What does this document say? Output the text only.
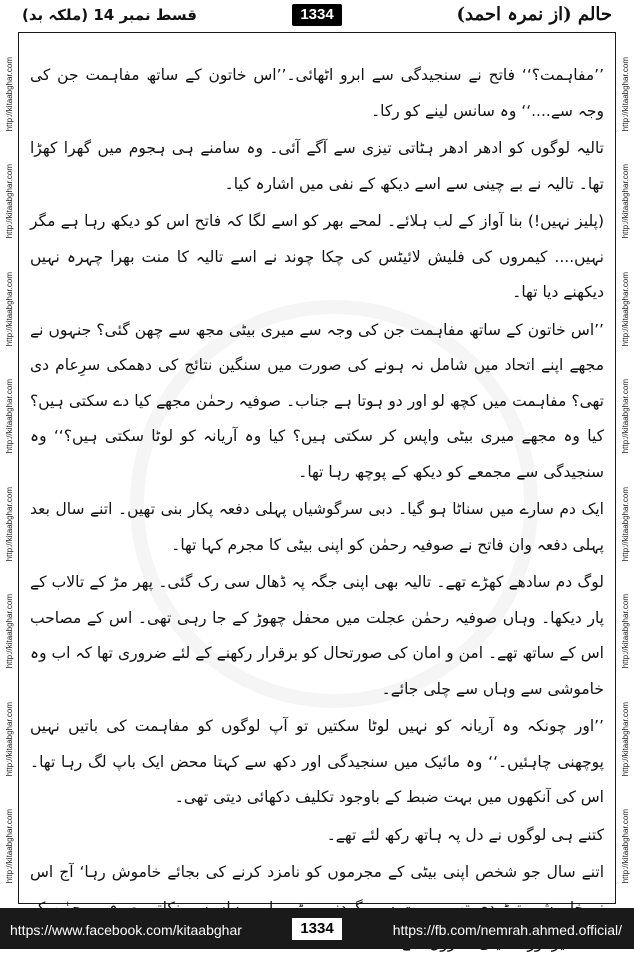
حالم (از نمرہ احمد)
1334
قسط نمبر 14 (ملکہ بد)
http://kitaabghar.com
http://kitaabghar.com
http://kitaabghar.com
http://kitaabghar.com
http://kitaabghar.com
http://kitaabghar.com
http://kitaabghar.com
http://kitaabghar.com
http://kitaabghar.com
http://kitaabghar.com
http://kitaabghar.com
http://kitaabghar.com
http://kitaabghar.com
http://kitaabghar.com
http://kitaabghar.com
http://kitaabghar.com

’’مفاہمت؟‘‘ فاتح نے سنجیدگی سے ابرو اٹھائی۔’’اس خاتون کے ساتھ مفاہمت جن کی وجہ سے....‘‘ وہ سانس لینے کو رکا۔

تالیہ لوگوں کو ادھر ادھر ہٹاتی تیزی سے آگے آئی۔ وہ سامنے ہی ہجوم میں گھرا کھڑا تھا۔ تالیہ نے بے چینی سے اسے دیکھ کے نفی میں اشارہ کیا۔

(پلیز نہیں!) بنا آواز کے لب ہلائے۔ لمحے بھر کو اسے لگا کہ فاتح اس کو دیکھ رہا ہے مگر نہیں.... کیمروں کی فلیش لائیٹس کی چکا چوند نے اسے تالیہ کا منت بھرا چہرہ نہیں دیکھنے دیا تھا۔

’’اس خاتون کے ساتھ مفاہمت جن کی وجہ سے میری بیٹی مجھ سے چھن گئی؟ جنہوں نے مجھے اپنے اتحاد میں شامل نہ ہونے کی صورت میں سنگین نتائج کی دھمکی سرِعام دی تھی؟ مفاہمت میں کچھ لو اور دو ہوتا ہے جناب۔ صوفیہ رحمٰن مجھے کیا دے سکتی ہیں؟ کیا وہ مجھے میری بیٹی واپس کر سکتی ہیں؟ کیا وہ آریانہ کو لوٹا سکتی ہیں؟‘‘ وہ سنجیدگی سے مجمعے کو دیکھ کے پوچھ رہا تھا۔

ایک دم سارے میں سناٹا ہو گیا۔ دبی سرگوشیاں پہلی دفعہ پکار بنی تھیں۔ اتنے سال بعد پہلی دفعہ وان فاتح نے صوفیہ رحمٰن کو اپنی بیٹی کا مجرم کہا تھا۔

لوگ دم سادھے کھڑے تھے۔ تالیہ بھی اپنی جگہ پہ ڈھال سی رک گئی۔ پھر مڑ کے تالاب کے پار دیکھا۔ وہاں صوفیہ رحمٰن عجلت میں محفل چھوڑ کے جا رہی تھی۔ اس کے مصاحب اس کے ساتھ تھے۔ امن و امان کی صورتحال کو برقرار رکھنے کے لئے ضروری تھا کہ اب وہ خاموشی سے وہاں سے چلی جائے۔

’’اور چونکہ وہ آریانہ کو نہیں لوٹا سکتیں تو آپ لوگوں کو مفاہمت کی باتیں نہیں پوچھنی چاہئیں۔‘‘ وہ مائیک میں سنجیدگی اور دکھ سے کہتا محض ایک باپ لگ رہا تھا۔ اس کی آنکھوں میں بہت ضبط کے باوجود تکلیف دکھائی دیتی تھی۔

کتنے ہی لوگوں نے دل پہ ہاتھ رکھ لئے تھے۔

اتنے سال جو شخص اپنی بیٹی کے مجرموں کو نامزد کرنے کی بجائے خاموش رہا‘ آج اس

https://www.facebook.com/kitaabghar	1334	https://fb.com/nemrah.ahmed.official/
